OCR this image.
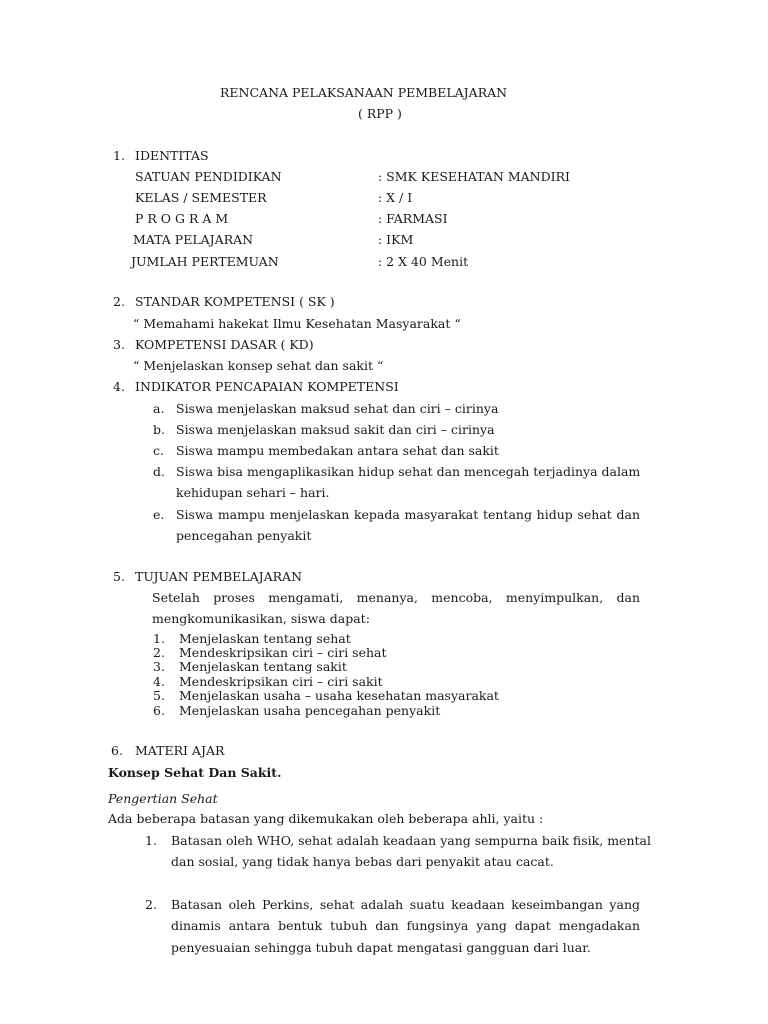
RENCANA PELAKSANAAN PEMBELAJARAN
( RPP )
1. IDENTITAS
SATUAN PENDIDIKAN	: SMK KESEHATAN MANDIRI
KELAS / SEMESTER	: X / I
P R O G R A M	: FARMASI
MATA PELAJARAN	: IKM
JUMLAH PERTEMUAN	: 2 X 40 Menit
2. STANDAR KOMPETENSI ( SK )
“ Memahami hakekat Ilmu Kesehatan Masyarakat “
3. KOMPETENSI DASAR ( KD)
“ Menjelaskan konsep sehat dan sakit “
4. INDIKATOR PENCAPAIAN KOMPETENSI
a. Siswa menjelaskan maksud sehat dan ciri – cirinya
b. Siswa menjelaskan maksud sakit dan ciri – cirinya
c. Siswa mampu membedakan antara sehat dan sakit
d. Siswa bisa mengaplikasikan hidup sehat dan mencegah terjadinya dalam
kehidupan sehari – hari.
e. Siswa mampu menjelaskan kepada masyarakat tentang hidup sehat dan
pencegahan penyakit
5. TUJUAN PEMBELAJARAN
Setelah proses mengamati, menanya, mencoba, menyimpulkan, dan
mengkomunikasikan, siswa dapat:
1. Menjelaskan tentang sehat
2. Mendeskripsikan ciri – ciri sehat
3. Menjelaskan tentang sakit
4. Mendeskripsikan ciri – ciri sakit
5. Menjelaskan usaha – usaha kesehatan masyarakat
6. Menjelaskan usaha pencegahan penyakit
6. MATERI AJAR
Konsep Sehat Dan Sakit.
Pengertian Sehat
Ada beberapa batasan yang dikemukakan oleh beberapa ahli, yaitu :
1. Batasan oleh WHO, sehat adalah keadaan yang sempurna baik fisik, mental
dan sosial, yang tidak hanya bebas dari penyakit atau cacat.
2. Batasan oleh Perkins, sehat adalah suatu keadaan keseimbangan yang
dinamis antara bentuk tubuh dan fungsinya yang dapat mengadakan
penyesuaian sehingga tubuh dapat mengatasi gangguan dari luar.
